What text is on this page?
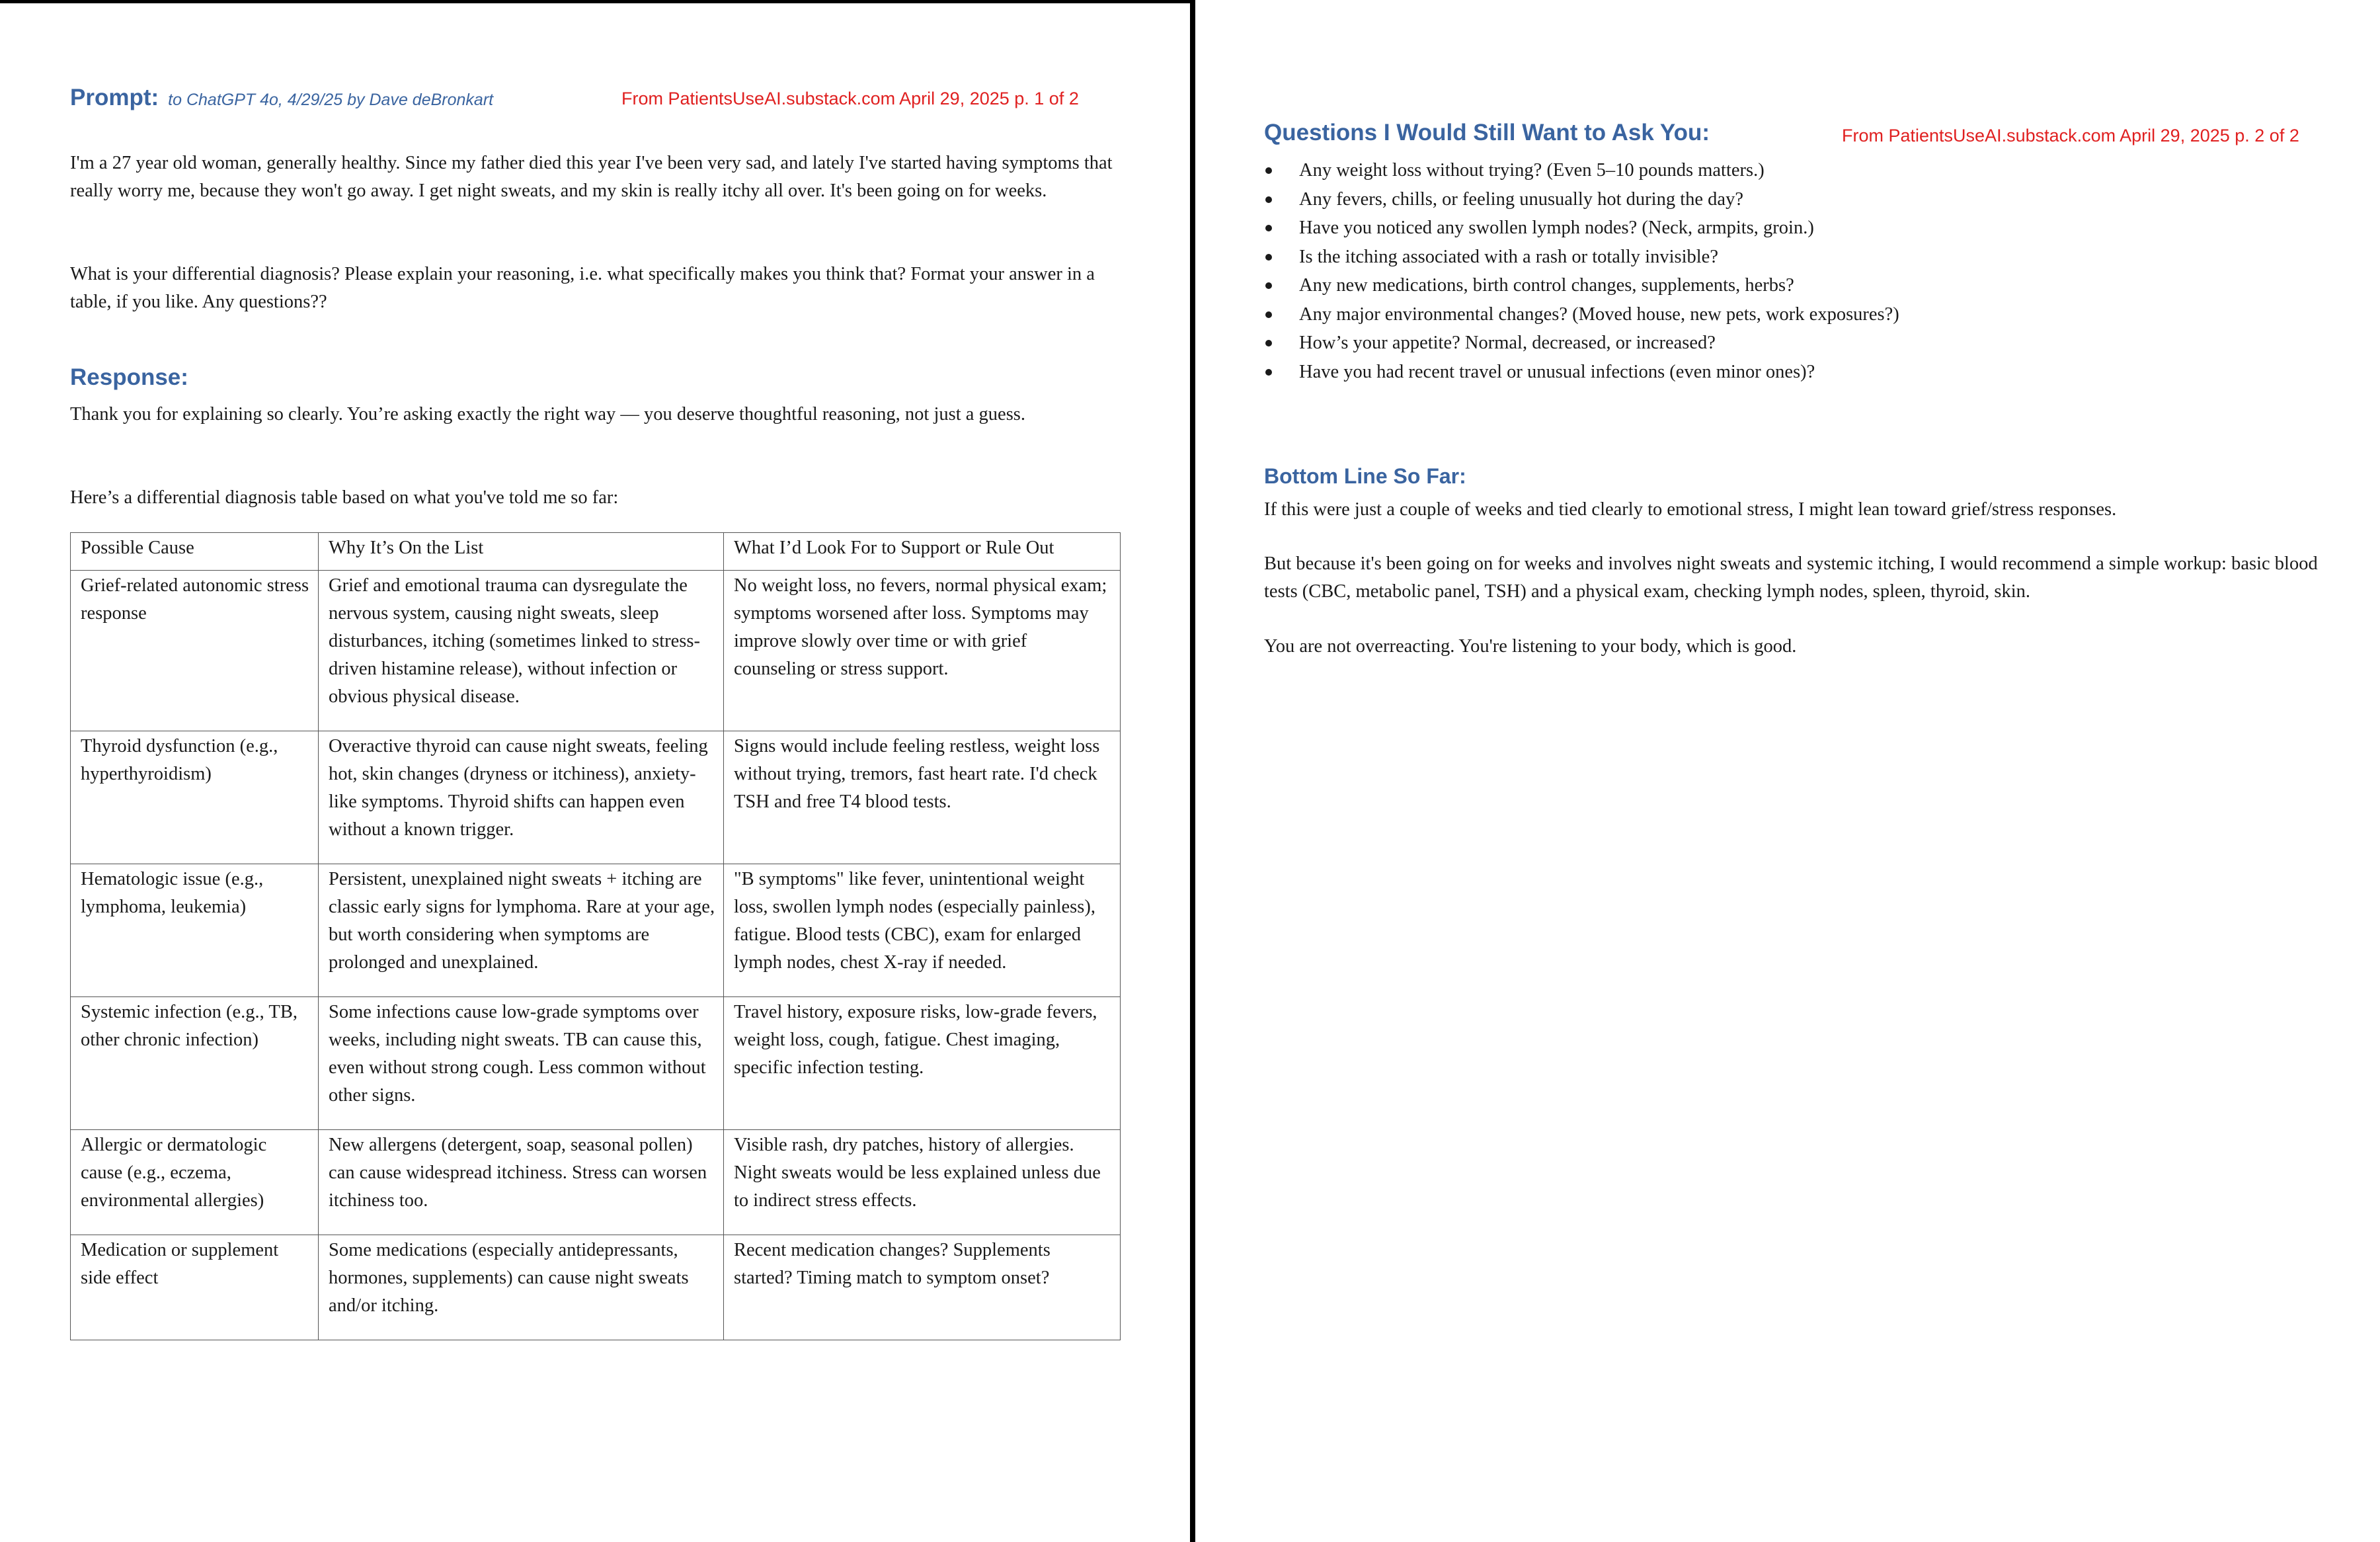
Prompt: to ChatGPT 4o, 4/29/25 by Dave deBronkart	From PatientsUseAI.substack.com April 29, 2025 p. 1 of 2

I'm a 27 year old woman, generally healthy. Since my father died this year I've been very sad, and lately I've started having symptoms that really worry me, because they won't go away. I get night sweats, and my skin is really itchy all over. It's been going on for weeks.

What is your differential diagnosis? Please explain your reasoning, i.e. what specifically makes you think that? Format your answer in a table, if you like. Any questions??

Response:

Thank you for explaining so clearly. You’re asking exactly the right way — you deserve thoughtful reasoning, not just a guess.

Here’s a differential diagnosis table based on what you've told me so far:

Possible Cause	Why It’s On the List	What I’d Look For to Support or Rule Out
Grief-related autonomic stress response	Grief and emotional trauma can dysregulate the nervous system, causing night sweats, sleep disturbances, itching (sometimes linked to stress-driven histamine release), without infection or obvious physical disease.	No weight loss, no fevers, normal physical exam; symptoms worsened after loss. Symptoms may improve slowly over time or with grief counseling or stress support.
Thyroid dysfunction (e.g., hyperthyroidism)	Overactive thyroid can cause night sweats, feeling hot, skin changes (dryness or itchiness), anxiety-like symptoms. Thyroid shifts can happen even without a known trigger.	Signs would include feeling restless, weight loss without trying, tremors, fast heart rate. I'd check TSH and free T4 blood tests.
Hematologic issue (e.g., lymphoma, leukemia)	Persistent, unexplained night sweats + itching are classic early signs for lymphoma. Rare at your age, but worth considering when symptoms are prolonged and unexplained.	"B symptoms" like fever, unintentional weight loss, swollen lymph nodes (especially painless), fatigue. Blood tests (CBC), exam for enlarged lymph nodes, chest X-ray if needed.
Systemic infection (e.g., TB, other chronic infection)	Some infections cause low-grade symptoms over weeks, including night sweats. TB can cause this, even without strong cough. Less common without other signs.	Travel history, exposure risks, low-grade fevers, weight loss, cough, fatigue. Chest imaging, specific infection testing.
Allergic or dermatologic cause (e.g., eczema, environmental allergies)	New allergens (detergent, soap, seasonal pollen) can cause widespread itchiness. Stress can worsen itchiness too.	Visible rash, dry patches, history of allergies. Night sweats would be less explained unless due to indirect stress effects.
Medication or supplement side effect	Some medications (especially antidepressants, hormones, supplements) can cause night sweats and/or itching.	Recent medication changes? Supplements started? Timing match to symptom onset?
Questions I Would Still Want to Ask You:	From PatientsUseAI.substack.com April 29, 2025 p. 2 of 2
Any weight loss without trying? (Even 5–10 pounds matters.)
Any fevers, chills, or feeling unusually hot during the day?
Have you noticed any swollen lymph nodes? (Neck, armpits, groin.)
Is the itching associated with a rash or totally invisible?
Any new medications, birth control changes, supplements, herbs?
Any major environmental changes? (Moved house, new pets, work exposures?)
How’s your appetite? Normal, decreased, or increased?
Have you had recent travel or unusual infections (even minor ones)?
Bottom Line So Far:

If this were just a couple of weeks and tied clearly to emotional stress, I might lean toward grief/stress responses.

But because it's been going on for weeks and involves night sweats and systemic itching, I would recommend a simple workup: basic blood tests (CBC, metabolic panel, TSH) and a physical exam, checking lymph nodes, spleen, thyroid, skin.

You are not overreacting. You're listening to your body, which is good.
